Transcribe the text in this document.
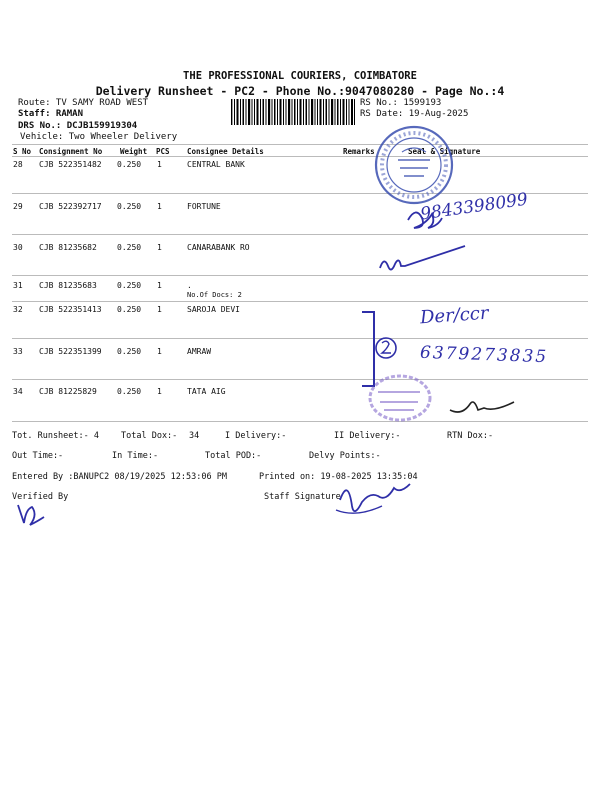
THE PROFESSIONAL COURIERS, COIMBATORE
Delivery Runsheet - PC2 - Phone No.:9047080280 - Page No.:4
Route: TV SAMY ROAD WEST
Staff: RAMAN
DRS No.: DCJB159919304
Vehicle: Two Wheeler Delivery
RS No.: 1599193
RS Date: 19-Aug-2025
S No Consignment No Weight PCS Consignee Details	Remarks	Seal & Signature
28 CJB 522351482 0.250 1	CENTRAL BANK
29 CJB 522392717 0.250 1	FORTUNE
30 CJB 81235682	0.250 1	CANARABANK RO
31 CJB 81235683	0.250 1	.
No.Of Docs: 2
32 CJB 522351413 0.250 1	SAROJA DEVI
33 CJB 522351399 0.250 1	AMRAW
34 CJB 81225829	0.250 1	TATA AIG
Tot. Runsheet:- 4	Total Dox:- 34	I Delivery:-	II Delivery:-	RTN Dox:-
Out Time:-	In Time:-	Total POD:-	Delvy Points:-
Entered By :BANUPC2 08/19/2025 12:53:06 PM	Printed on: 19-08-2025 13:35:04
Verified By	Staff Signature
9843398099
Der/ccr
6379273835
